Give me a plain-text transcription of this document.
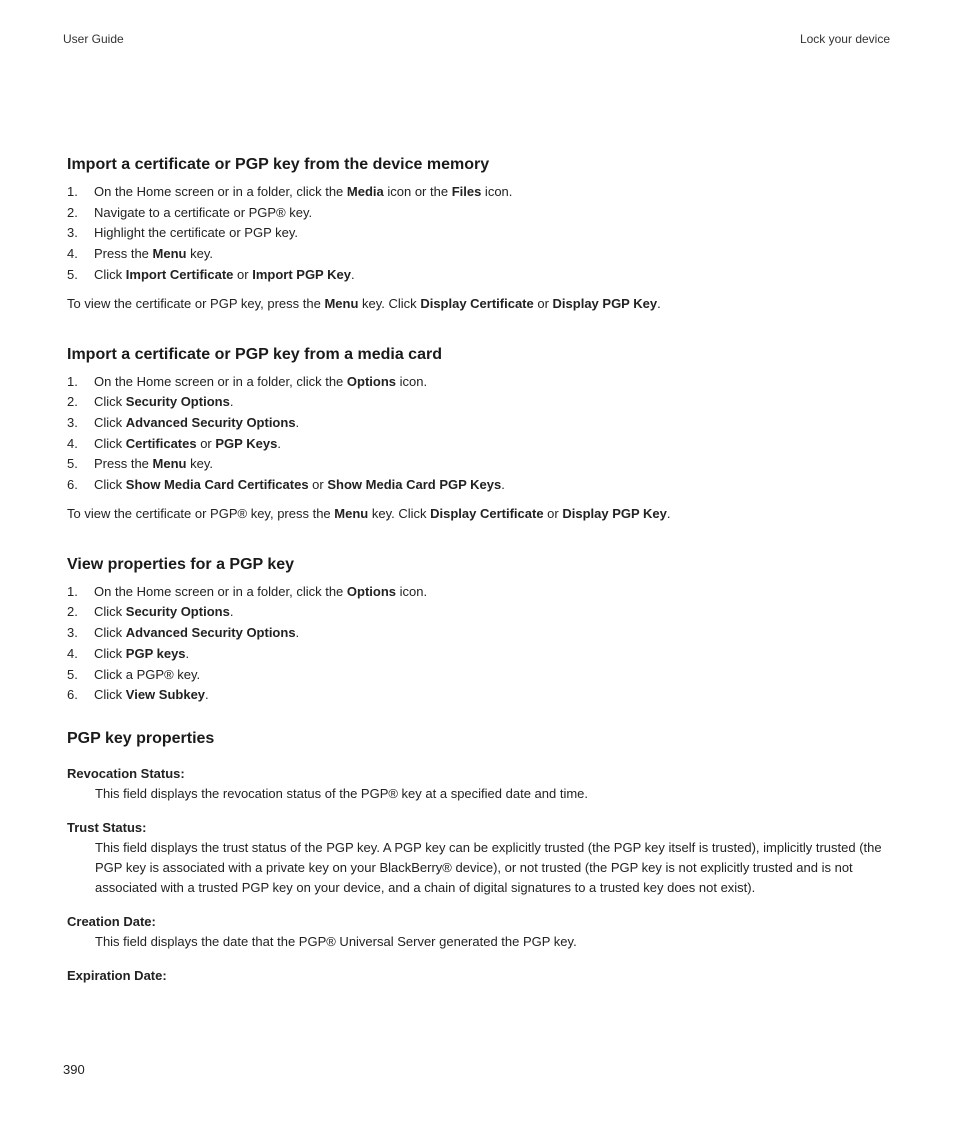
User Guide	Lock your device
Import a certificate or PGP key from the device memory
1. On the Home screen or in a folder, click the Media icon or the Files icon.
2. Navigate to a certificate or PGP® key.
3. Highlight the certificate or PGP key.
4. Press the Menu key.
5. Click Import Certificate or Import PGP Key.

To view the certificate or PGP key, press the Menu key. Click Display Certificate or Display PGP Key.

Import a certificate or PGP key from a media card
1. On the Home screen or in a folder, click the Options icon.
2. Click Security Options.
3. Click Advanced Security Options.
4. Click Certificates or PGP Keys.
5. Press the Menu key.
6. Click Show Media Card Certificates or Show Media Card PGP Keys.

To view the certificate or PGP® key, press the Menu key. Click Display Certificate or Display PGP Key.

View properties for a PGP key
1. On the Home screen or in a folder, click the Options icon.
2. Click Security Options.
3. Click Advanced Security Options.
4. Click PGP keys.
5. Click a PGP® key.
6. Click View Subkey.
PGP key properties
Revocation Status:
This field displays the revocation status of the PGP® key at a specified date and time.
Trust Status:
This field displays the trust status of the PGP key. A PGP key can be explicitly trusted (the PGP key itself is trusted), implicitly trusted (the PGP key is associated with a private key on your BlackBerry® device), or not trusted (the PGP key is not explicitly trusted and is not associated with a trusted PGP key on your device, and a chain of digital signatures to a trusted key does not exist).
Creation Date:
This field displays the date that the PGP® Universal Server generated the PGP key.
Expiration Date:
390
